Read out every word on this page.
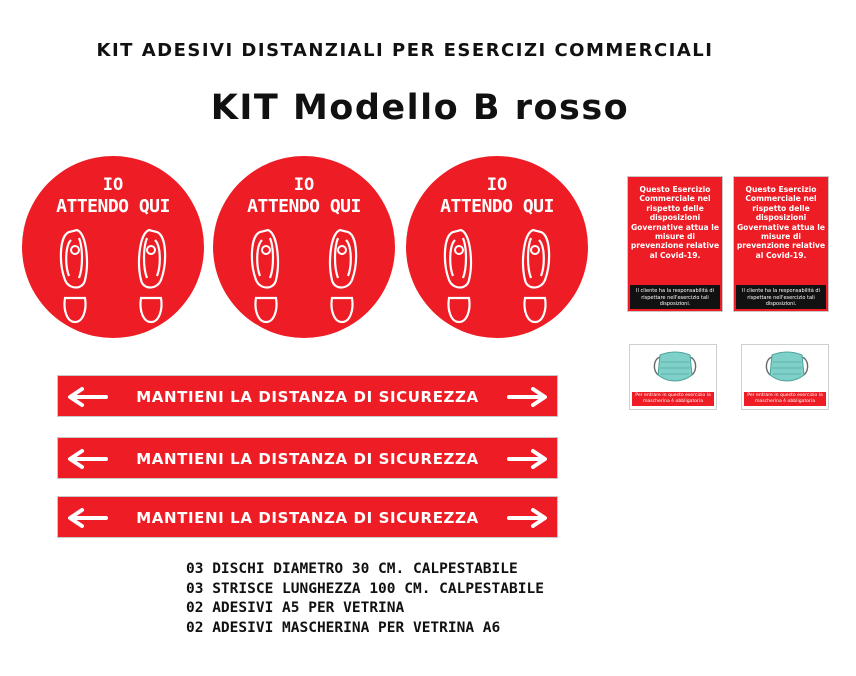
KIT ADESIVI DISTANZIALI PER ESERCIZI COMMERCIALI
KIT Modello B rosso
IO
ATTENDO QUI
IO
ATTENDO QUI
IO
ATTENDO QUI
MANTIENI LA DISTANZA DI SICUREZZA
MANTIENI LA DISTANZA DI SICUREZZA
MANTIENI LA DISTANZA DI SICUREZZA
Questo Esercizio Commerciale nel rispetto delle disposizioni Governative attua le misure di prevenzione relative al Covid-19.
Il cliente ha la responsabilità di rispettare nell'esercizio tali disposizioni.
Questo Esercizio Commerciale nel rispetto delle disposizioni Governative attua le misure di prevenzione relative al Covid-19.
Il cliente ha la responsabilità di rispettare nell'esercizio tali disposizioni.
Per entrare in questo esercizio la mascherina è obbligatoria
Per entrare in questo esercizio la mascherina è obbligatoria
03 DISCHI DIAMETRO 30 CM. CALPESTABILE
03 STRISCE LUNGHEZZA 100 CM. CALPESTABILE
02 ADESIVI A5 PER VETRINA
02 ADESIVI MASCHERINA PER VETRINA A6
